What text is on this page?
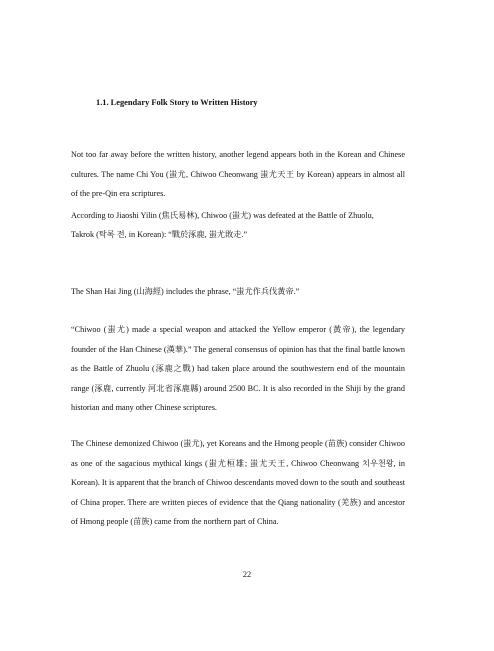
1.1. Legendary Folk Story to Written History
Not too far away before the written history, another legend appears both in the Korean and Chinese cultures. The name Chi You (蚩尤, Chiwoo Cheonwang 蚩尤天王 by Korean) appears in almost all of the pre-Qin era scriptures.
According to Jiaoshi Yilin (焦氏易林), Chiwoo (蚩尤) was defeated at the Battle of Zhuolu,
Takrok (탁록 전, in Korean): “戰於涿鹿, 蚩尤敗走.”
The Shan Hai Jing (山海經) includes the phrase, “蚩尤作兵伐黃帝.”
“Chiwoo (蚩尤) made a special weapon and attacked the Yellow emperor (黃帝), the legendary founder of the Han Chinese (漢華).” The general consensus of opinion has that the final battle known as the Battle of Zhuolu (涿鹿之戰) had taken place around the southwestern end of the mountain range (涿鹿, currently 河北省涿鹿縣) around 2500 BC. It is also recorded in the Shiji by the grand historian and many other Chinese scriptures.
The Chinese demonized Chiwoo (蚩尤), yet Koreans and the Hmong people (苗族) consider Chiwoo as one of the sagacious mythical kings (蚩尤桓雄; 蚩尤天王, Chiwoo Cheonwang 치우천왕, in Korean). It is apparent that the branch of Chiwoo descendants moved down to the south and southeast of China proper. There are written pieces of evidence that the Qiang nationality (羌族) and ancestor of Hmong people (苗族) came from the northern part of China.
22
